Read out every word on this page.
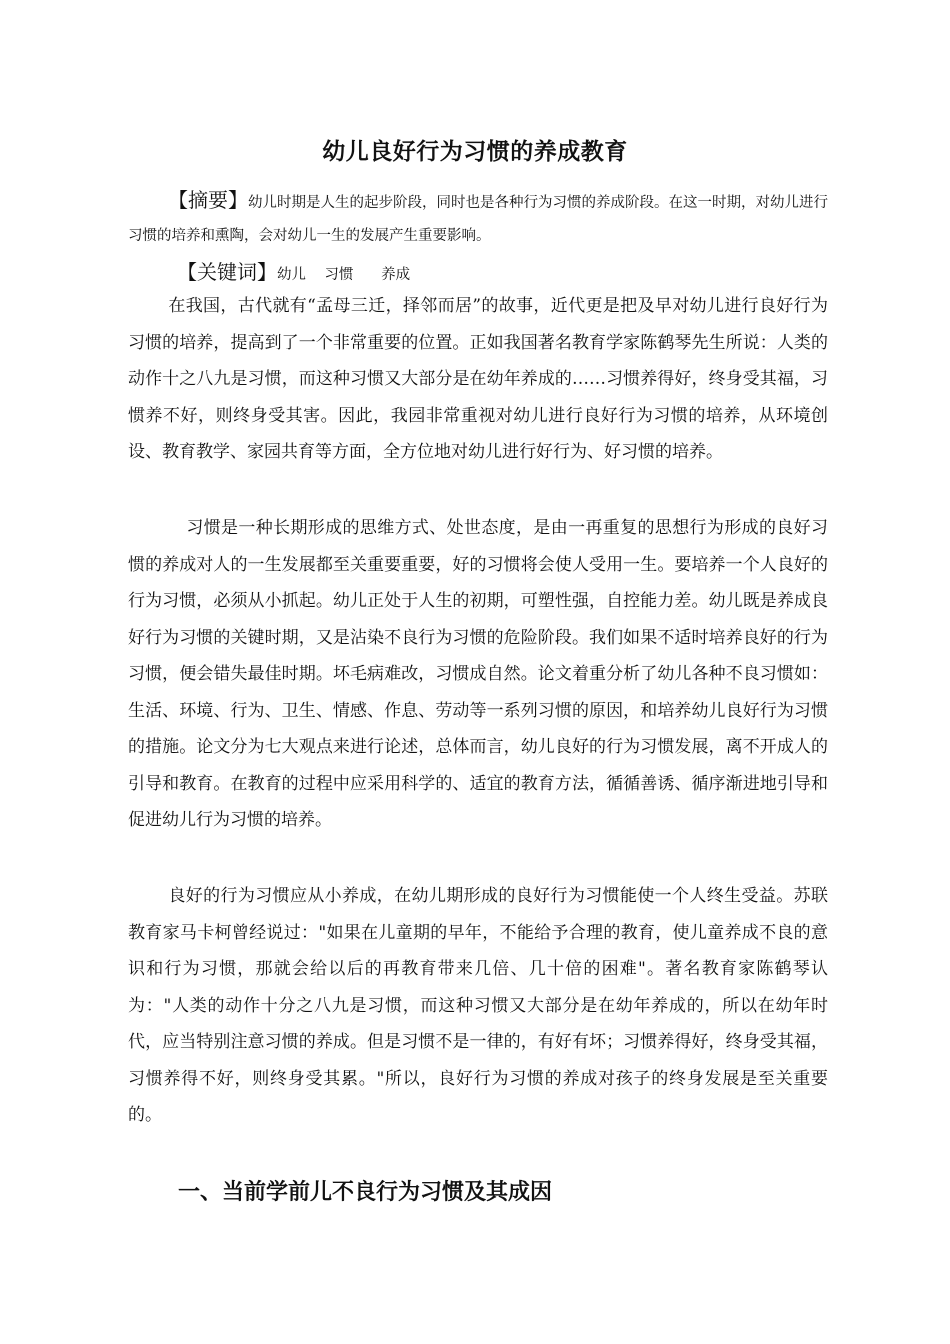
幼儿良好行为习惯的养成教育
【摘要】幼儿时期是人生的起步阶段，同时也是各种行为习惯的养成阶段。在这一时期，对幼儿进行习惯的培养和熏陶，会对幼儿一生的发展产生重要影响。
【关键词】幼儿    习惯      养成

在我国，古代就有“孟母三迁，择邻而居”的故事，近代更是把及早对幼儿进行良好行为习惯的培养，提高到了一个非常重要的位置。正如我国著名教育学家陈鹤琴先生所说：人类的动作十之八九是习惯，而这种习惯又大部分是在幼年养成的……习惯养得好，终身受其福，习惯养不好，则终身受其害。因此，我园非常重视对幼儿进行良好行为习惯的培养，从环境创设、教育教学、家园共育等方面，全方位地对幼儿进行好行为、好习惯的培养。

习惯是一种长期形成的思维方式、处世态度，是由一再重复的思想行为形成的良好习惯的养成对人的一生发展都至关重要重要，好的习惯将会使人受用一生。要培养一个人良好的行为习惯，必须从小抓起。幼儿正处于人生的初期，可塑性强，自控能力差。幼儿既是养成良好行为习惯的关键时期，又是沾染不良行为习惯的危险阶段。我们如果不适时培养良好的行为习惯，便会错失最佳时期。坏毛病难改，习惯成自然。论文着重分析了幼儿各种不良习惯如：生活、环境、行为、卫生、情感、作息、劳动等一系列习惯的原因，和培养幼儿良好行为习惯的措施。论文分为七大观点来进行论述，总体而言，幼儿良好的行为习惯发展，离不开成人的引导和教育。在教育的过程中应采用科学的、适宜的教育方法，循循善诱、循序渐进地引导和促进幼儿行为习惯的培养。

良好的行为习惯应从小养成，在幼儿期形成的良好行为习惯能使一个人终生受益。苏联教育家马卡柯曾经说过："如果在儿童期的早年，不能给予合理的教育，使儿童养成不良的意识和行为习惯，那就会给以后的再教育带来几倍、几十倍的困难"。著名教育家陈鹤琴认为："人类的动作十分之八九是习惯，而这种习惯又大部分是在幼年养成的，所以在幼年时代，应当特别注意习惯的养成。但是习惯不是一律的，有好有坏；习惯养得好，终身受其福，习惯养得不好，则终身受其累。"所以，良好行为习惯的养成对孩子的终身发展是至关重要的。

一、当前学前儿不良行为习惯及其成因
